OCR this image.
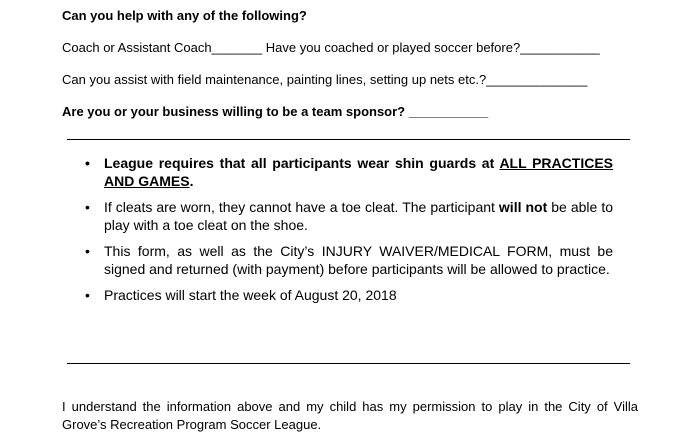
Can you help with any of the following?
Coach or Assistant Coach_______ Have you coached or played soccer before?___________
Can you assist with field maintenance, painting lines, setting up nets etc.?______________
Are you or your business willing to be a team sponsor? ___________
• League requires that all participants wear shin guards at ALL PRACTICES AND GAMES.
• If cleats are worn, they cannot have a toe cleat. The participant will not be able to play with a toe cleat on the shoe.
• This form, as well as the City’s INJURY WAIVER/MEDICAL FORM, must be signed and returned (with payment) before participants will be allowed to practice.
• Practices will start the week of August 20, 2018
I understand the information above and my child has my permission to play in the City of Villa Grove’s Recreation Program Soccer League.
